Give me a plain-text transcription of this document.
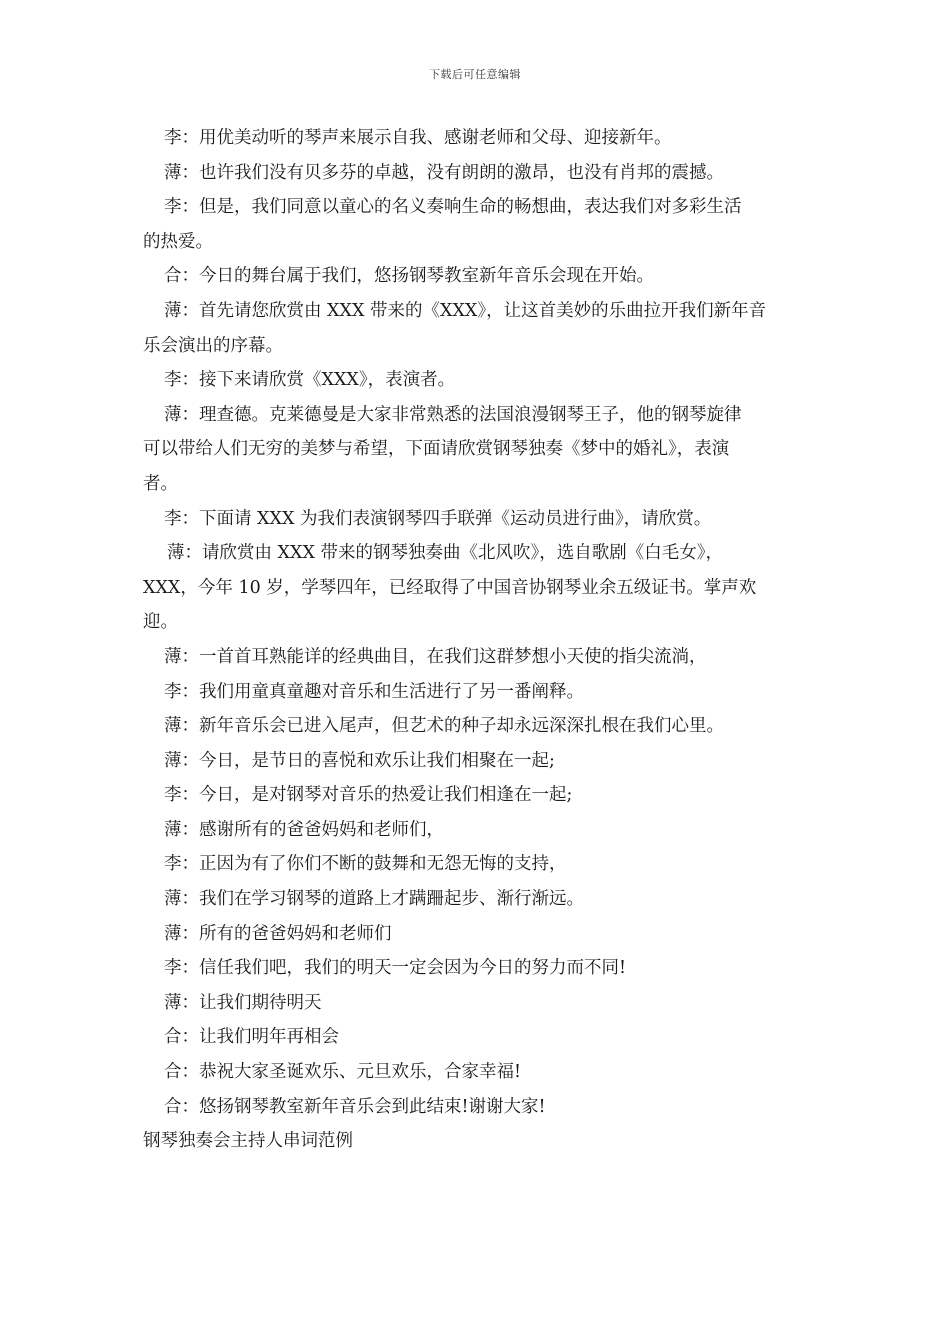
下载后可任意编辑
李：用优美动听的琴声来展示自我、感谢老师和父母、迎接新年。
薄：也许我们没有贝多芬的卓越，没有朗朗的激昂，也没有肖邦的震撼。
李：但是，我们同意以童心的名义奏响生命的畅想曲，表达我们对多彩生活
的热爱。
合：今日的舞台属于我们，悠扬钢琴教室新年音乐会现在开始。
薄：首先请您欣赏由 XXX 带来的《XXX》，让这首美妙的乐曲拉开我们新年音
乐会演出的序幕。
李：接下来请欣赏《XXX》，表演者。
薄：理查德。克莱德曼是大家非常熟悉的法国浪漫钢琴王子，他的钢琴旋律
可以带给人们无穷的美梦与希望，下面请欣赏钢琴独奏《梦中的婚礼》，表演
者。
李：下面请 XXX 为我们表演钢琴四手联弹《运动员进行曲》，请欣赏。
薄：请欣赏由 XXX 带来的钢琴独奏曲《北风吹》，选自歌剧《白毛女》，
XXX，今年 10 岁，学琴四年，已经取得了中国音协钢琴业余五级证书。掌声欢
迎。
薄：一首首耳熟能详的经典曲目，在我们这群梦想小天使的指尖流淌，
李：我们用童真童趣对音乐和生活进行了另一番阐释。
薄：新年音乐会已进入尾声，但艺术的种子却永远深深扎根在我们心里。
薄：今日，是节日的喜悦和欢乐让我们相聚在一起;
李：今日，是对钢琴对音乐的热爱让我们相逢在一起;
薄：感谢所有的爸爸妈妈和老师们，
李：正因为有了你们不断的鼓舞和无怨无悔的支持，
薄：我们在学习钢琴的道路上才蹒跚起步、渐行渐远。
薄：所有的爸爸妈妈和老师们
李：信任我们吧，我们的明天一定会因为今日的努力而不同!
薄：让我们期待明天
合：让我们明年再相会
合：恭祝大家圣诞欢乐、元旦欢乐，合家幸福!
合：悠扬钢琴教室新年音乐会到此结束!谢谢大家!
钢琴独奏会主持人串词范例
